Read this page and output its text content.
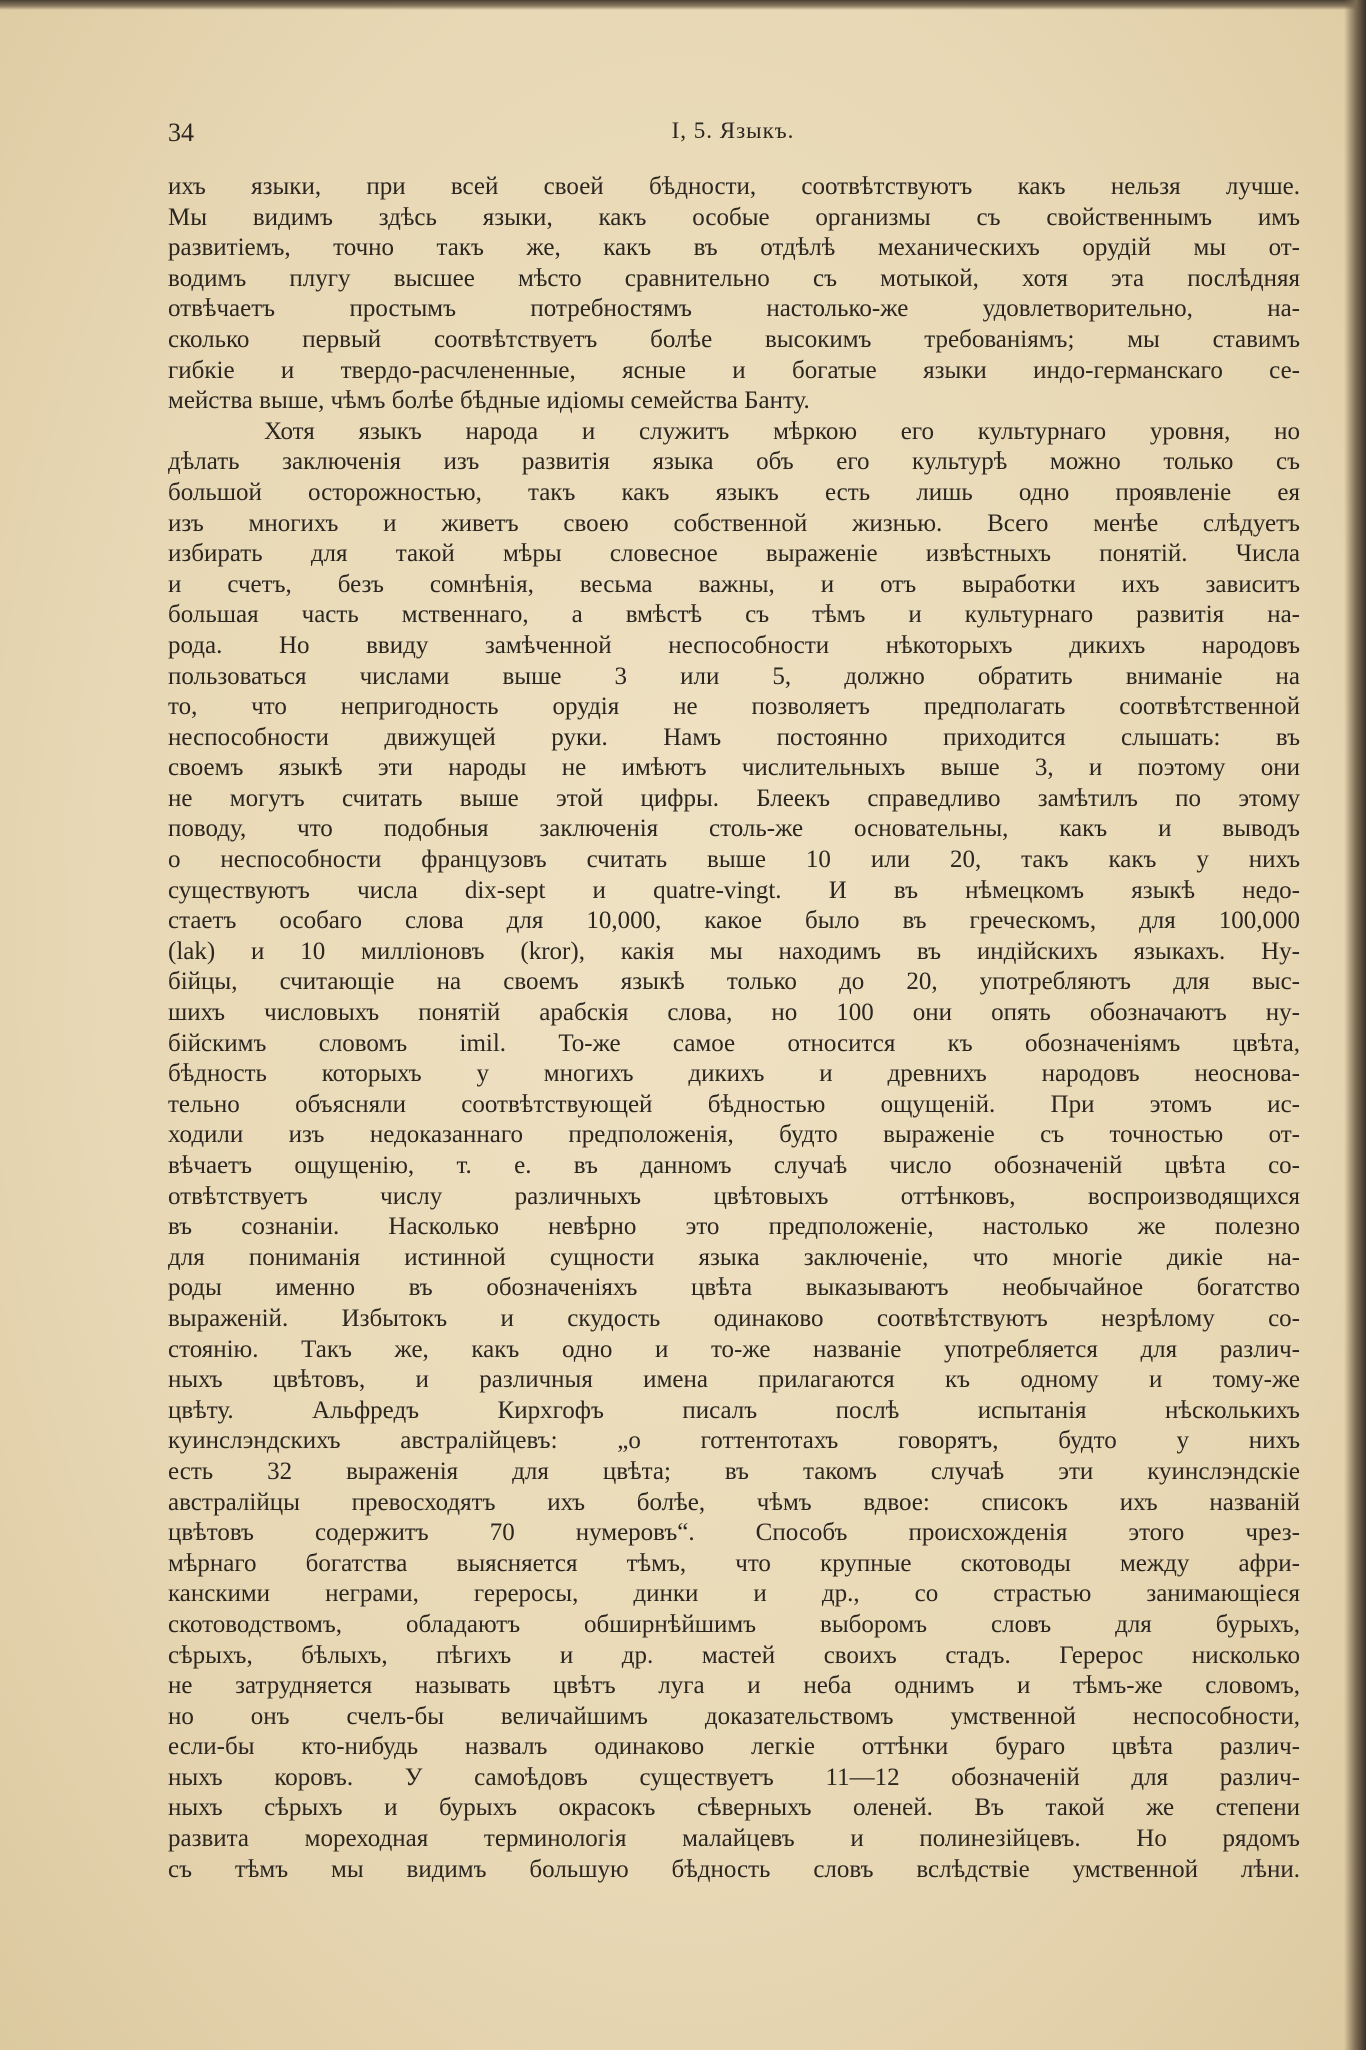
34	I, 5. Языкъ.
ихъ языки, при всей своей бѣдности, соотвѣтствуютъ какъ нельзя лучше.
Мы видимъ здѣсь языки, какъ особые организмы съ свойственнымъ имъ
развитіемъ, точно такъ же, какъ въ отдѣлѣ механическихъ орудій мы от-
водимъ плугу высшее мѣсто сравнительно съ мотыкой, хотя эта послѣдняя
отвѣчаетъ простымъ потребностямъ настолько-же удовлетворительно, на-
сколько первый соотвѣтствуетъ болѣе высокимъ требованіямъ; мы ставимъ
гибкіе и твердо-расчлененные, ясные и богатые языки индо-германскаго се-
мейства выше, чѣмъ болѣе бѣдные идіомы семейства Банту.
Хотя языкъ народа и служитъ мѣркою его культурнаго уровня, но
дѣлать заключенія изъ развитія языка объ его культурѣ можно только съ
большой осторожностью, такъ какъ языкъ есть лишь одно проявленіе ея
изъ многихъ и живетъ своею собственной жизнью. Всего менѣе слѣдуетъ
избирать для такой мѣры словесное выраженіе извѣстныхъ понятій. Числа
и счетъ, безъ сомнѣнія, весьма важны, и отъ выработки ихъ зависитъ
большая часть мственнаго, а вмѣстѣ съ тѣмъ и культурнаго развитія на-
рода. Но ввиду замѣченной неспособности нѣкоторыхъ дикихъ народовъ
пользоваться числами выше 3 или 5, должно обратить вниманіе на
то, что непригодность орудія не позволяетъ предполагать соотвѣтственной
неспособности движущей руки. Намъ постоянно приходится слышать: въ
своемъ языкѣ эти народы не имѣютъ числительныхъ выше 3, и поэтому они
не могутъ считать выше этой цифры. Блеекъ справедливо замѣтилъ по этому
поводу, что подобныя заключенія столь-же основательны, какъ и выводъ
о неспособности французовъ считать выше 10 или 20, такъ какъ у нихъ
существуютъ числа dix-sept и quatre-vingt. И въ нѣмецкомъ языкѣ недо-
стаетъ особаго слова для 10,000, какое было въ греческомъ, для 100,000
(lak) и 10 милліоновъ (kror), какія мы находимъ въ индійскихъ языкахъ. Ну-
бійцы, считающіе на своемъ языкѣ только до 20, употребляютъ для выс-
шихъ числовыхъ понятій арабскія слова, но 100 они опять обозначаютъ ну-
бійскимъ словомъ imil. То-же самое относится къ обозначеніямъ цвѣта,
бѣдность которыхъ у многихъ дикихъ и древнихъ народовъ неоснова-
тельно объясняли соотвѣтствующей бѣдностью ощущеній. При этомъ ис-
ходили изъ недоказаннаго предположенія, будто выраженіе съ точностью от-
вѣчаетъ ощущенію, т. е. въ данномъ случаѣ число обозначеній цвѣта со-
отвѣтствуетъ числу различныхъ цвѣтовыхъ оттѣнковъ, воспроизводящихся
въ сознаніи. Насколько невѣрно это предположеніе, настолько же полезно
для пониманія истинной сущности языка заключеніе, что многіе дикіе на-
роды именно въ обозначеніяхъ цвѣта выказываютъ необычайное богатство
выраженій. Избытокъ и скудость одинаково соотвѣтствуютъ незрѣлому со-
стоянію. Такъ же, какъ одно и то-же названіе употребляется для различ-
ныхъ цвѣтовъ, и различныя имена прилагаются къ одному и тому-же
цвѣту. Альфредъ Кирхгофъ писалъ послѣ испытанія нѣсколькихъ
куинслэндскихъ австралійцевъ: „о готтентотахъ говорятъ, будто у нихъ
есть 32 выраженія для цвѣта; въ такомъ случаѣ эти куинслэндскіе
австралійцы превосходятъ ихъ болѣе, чѣмъ вдвое: списокъ ихъ названій
цвѣтовъ содержитъ 70 нумеровъ“. Способъ происхожденія этого чрез-
мѣрнаго богатства выясняется тѣмъ, что крупные скотоводы между афри-
канскими неграми, гереросы, динки и др., со страстью занимающіеся
скотоводствомъ, обладаютъ обширнѣйшимъ выборомъ словъ для бурыхъ,
сѣрыхъ, бѣлыхъ, пѣгихъ и др. мастей своихъ стадъ. Герерос нисколько
не затрудняется называть цвѣтъ луга и неба однимъ и тѣмъ-же словомъ,
но онъ счелъ-бы величайшимъ доказательствомъ умственной неспособности,
если-бы кто-нибудь назвалъ одинаково легкіе оттѣнки бураго цвѣта различ-
ныхъ коровъ. У самоѣдовъ существуетъ 11—12 обозначеній для различ-
ныхъ сѣрыхъ и бурыхъ окрасокъ сѣверныхъ оленей. Въ такой же степени
развита мореходная терминологія малайцевъ и полинезійцевъ. Но рядомъ
съ тѣмъ мы видимъ большую бѣдность словъ вслѣдствіе умственной лѣни.
